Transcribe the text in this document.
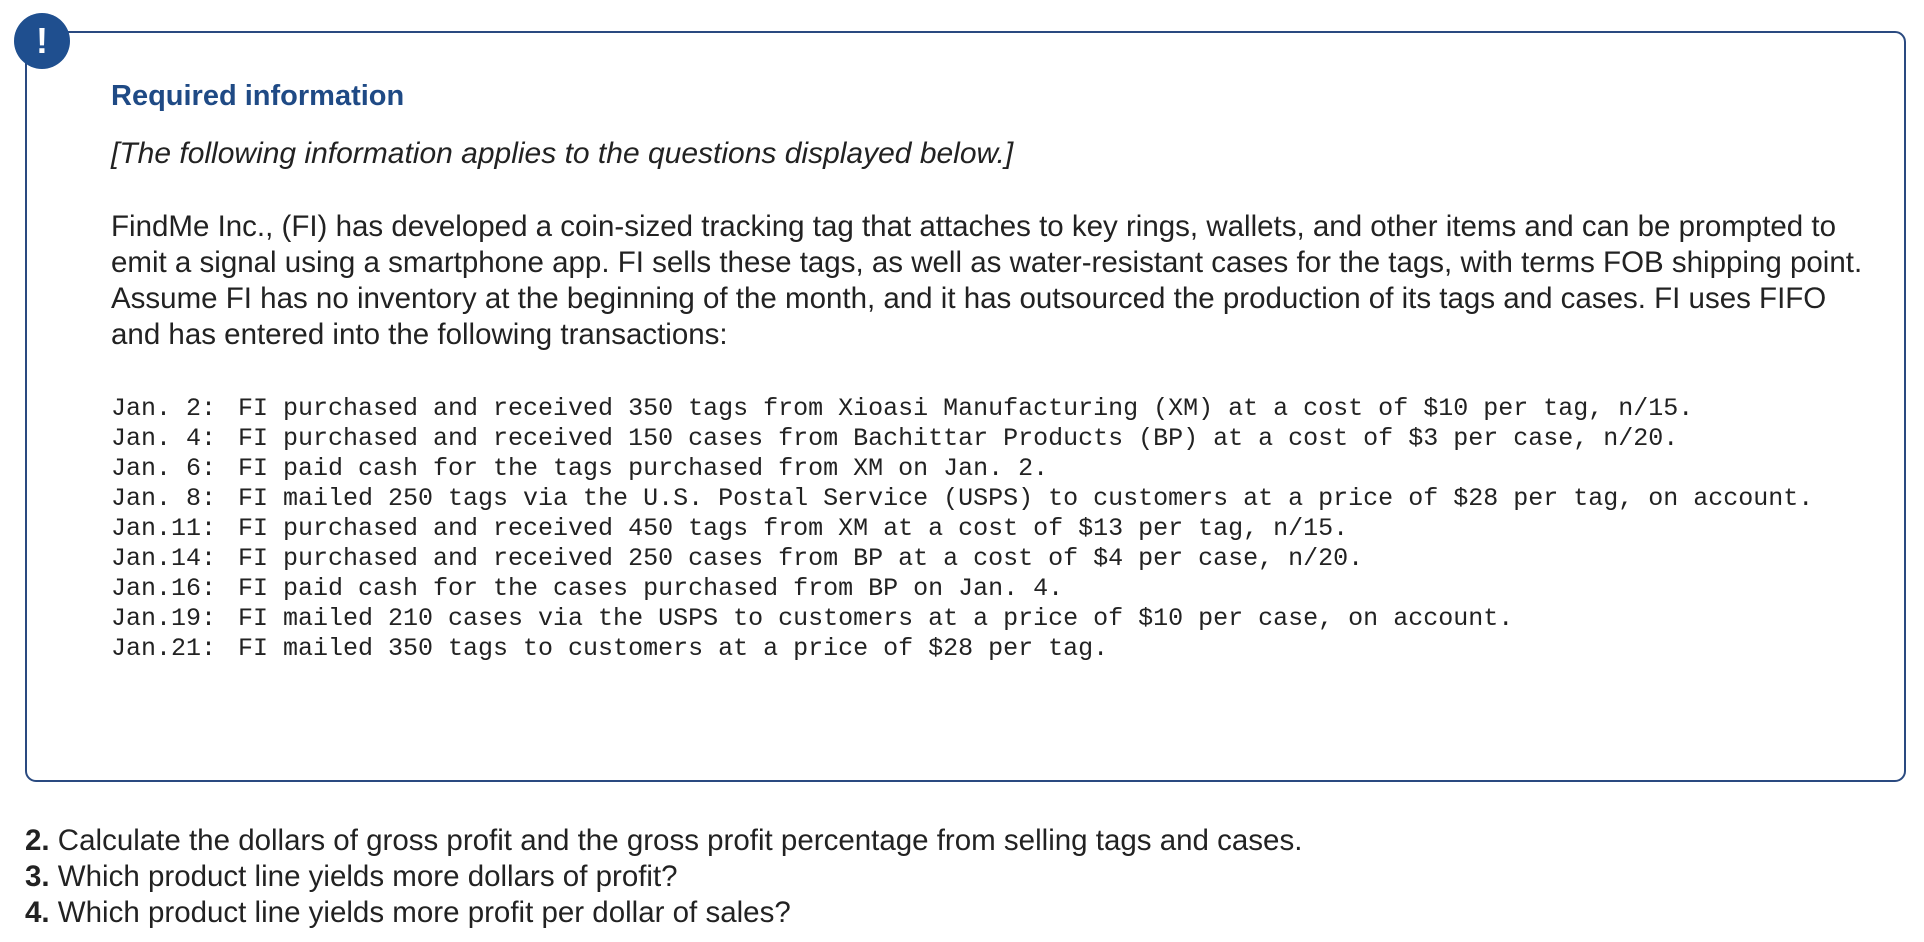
!
Required information

[The following information applies to the questions displayed below.]

FindMe Inc., (FI) has developed a coin-sized tracking tag that attaches to key rings, wallets, and other items and can be prompted to emit a signal using a smartphone app. FI sells these tags, as well as water-resistant cases for the tags, with terms FOB shipping point. Assume FI has no inventory at the beginning of the month, and it has outsourced the production of its tags and cases. FI uses FIFO and has entered into the following transactions:

Jan. 2: FI purchased and received 350 tags from Xioasi Manufacturing (XM) at a cost of $10 per tag, n/15.
Jan. 4: FI purchased and received 150 cases from Bachittar Products (BP) at a cost of $3 per case, n/20.
Jan. 6: FI paid cash for the tags purchased from XM on Jan. 2.
Jan. 8: FI mailed 250 tags via the U.S. Postal Service (USPS) to customers at a price of $28 per tag, on account.
Jan.11: FI purchased and received 450 tags from XM at a cost of $13 per tag, n/15.
Jan.14: FI purchased and received 250 cases from BP at a cost of $4 per case, n/20.
Jan.16: FI paid cash for the cases purchased from BP on Jan. 4.
Jan.19: FI mailed 210 cases via the USPS to customers at a price of $10 per case, on account.
Jan.21: FI mailed 350 tags to customers at a price of $28 per tag.
2. Calculate the dollars of gross profit and the gross profit percentage from selling tags and cases.
3. Which product line yields more dollars of profit?
4. Which product line yields more profit per dollar of sales?
